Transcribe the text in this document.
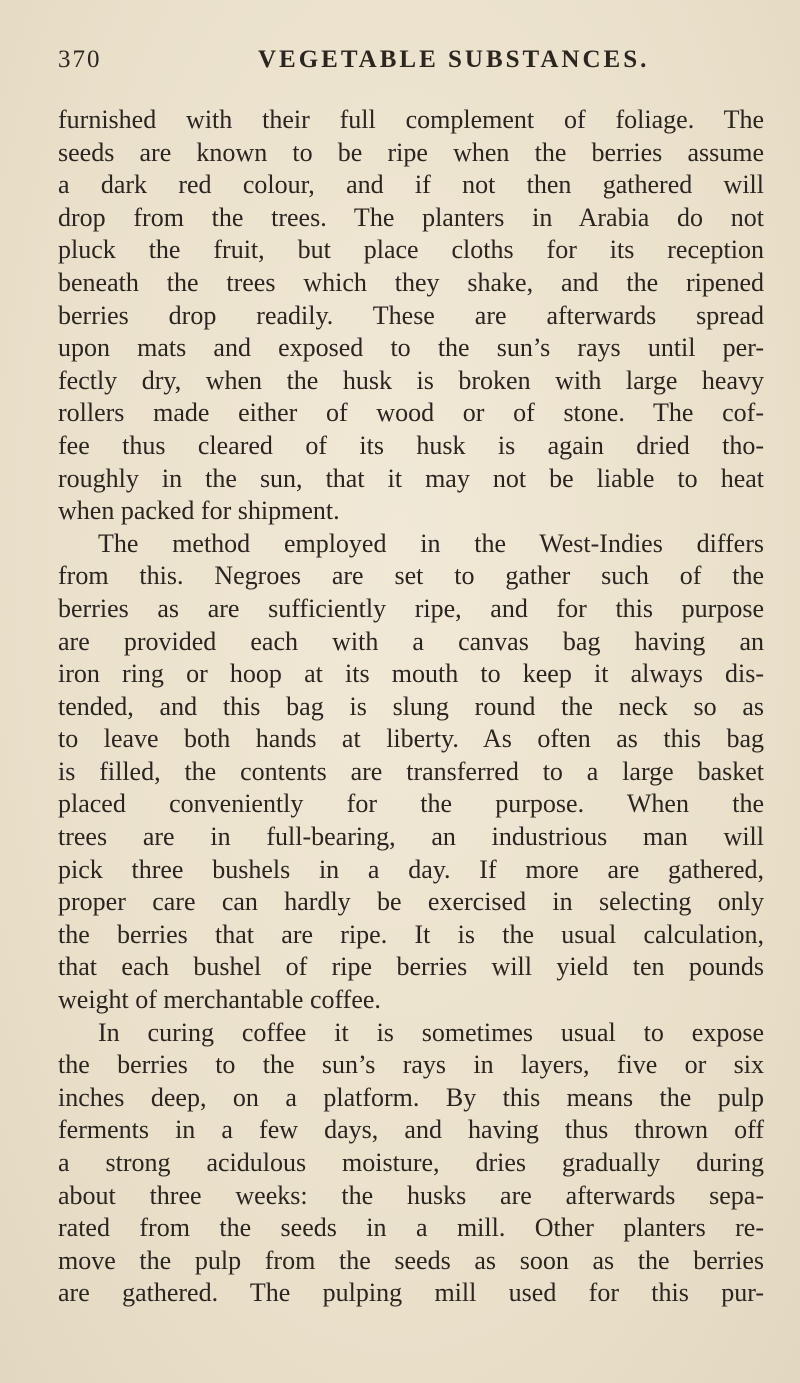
370	VEGETABLE SUBSTANCES.
furnished with their full complement of foliage. The
seeds are known to be ripe when the berries assume
a dark red colour, and if not then gathered will
drop from the trees. The planters in Arabia do not
pluck the fruit, but place cloths for its reception
beneath the trees which they shake, and the ripened
berries drop readily. These are afterwards spread
upon mats and exposed to the sun’s rays until per-
fectly dry, when the husk is broken with large heavy
rollers made either of wood or of stone. The cof-
fee thus cleared of its husk is again dried tho-
roughly in the sun, that it may not be liable to heat
when packed for shipment.
The method employed in the West-Indies differs
from this. Negroes are set to gather such of the
berries as are sufficiently ripe, and for this purpose
are provided each with a canvas bag having an
iron ring or hoop at its mouth to keep it always dis-
tended, and this bag is slung round the neck so as
to leave both hands at liberty. As often as this bag
is filled, the contents are transferred to a large basket
placed conveniently for the purpose. When the
trees are in full-bearing, an industrious man will
pick three bushels in a day. If more are gathered,
proper care can hardly be exercised in selecting only
the berries that are ripe. It is the usual calculation,
that each bushel of ripe berries will yield ten pounds
weight of merchantable coffee.
In curing coffee it is sometimes usual to expose
the berries to the sun’s rays in layers, five or six
inches deep, on a platform. By this means the pulp
ferments in a few days, and having thus thrown off
a strong acidulous moisture, dries gradually during
about three weeks: the husks are afterwards sepa-
rated from the seeds in a mill. Other planters re-
move the pulp from the seeds as soon as the berries
are gathered. The pulping mill used for this pur-
